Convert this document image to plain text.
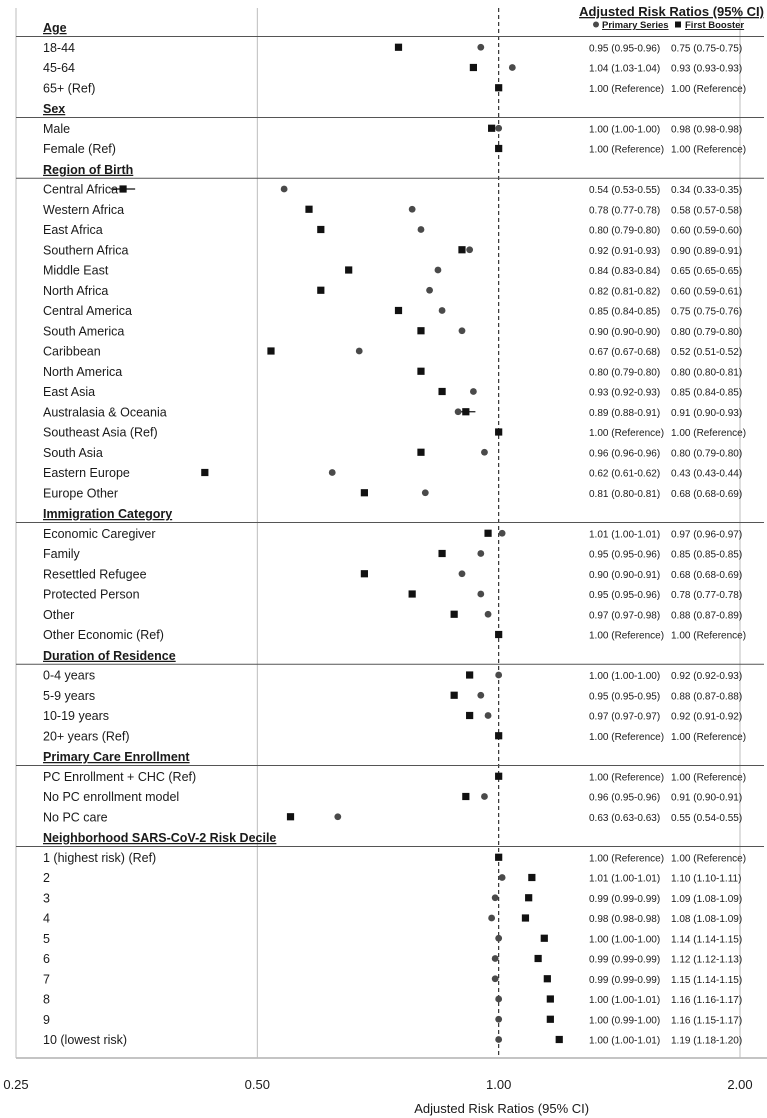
0.25	0.50	1.00	2.00
Adjusted Risk Ratios (95% CI)
Primary Series First Booster
Adjusted Risk Ratios (95% CI)
Age
18-44	0.95 (0.95-0.96) 0.75 (0.75-0.75)
45-64	1.04 (1.03-1.04) 0.93 (0.93-0.93)
65+ (Ref)	1.00 (Reference) 1.00 (Reference)
Sex
Male	1.00 (1.00-1.00) 0.98 (0.98-0.98)
Female (Ref)	1.00 (Reference) 1.00 (Reference)
Region of Birth
Central Africa	0.54 (0.53-0.55) 0.34 (0.33-0.35)
Western Africa	0.78 (0.77-0.78) 0.58 (0.57-0.58)
East Africa	0.80 (0.79-0.80) 0.60 (0.59-0.60)
Southern Africa	0.92 (0.91-0.93) 0.90 (0.89-0.91)
Middle East	0.84 (0.83-0.84) 0.65 (0.65-0.65)
North Africa	0.82 (0.81-0.82) 0.60 (0.59-0.61)
Central America	0.85 (0.84-0.85) 0.75 (0.75-0.76)
South America	0.90 (0.90-0.90) 0.80 (0.79-0.80)
Caribbean	0.67 (0.67-0.68) 0.52 (0.51-0.52)
North America	0.80 (0.79-0.80) 0.80 (0.80-0.81)
East Asia	0.93 (0.92-0.93) 0.85 (0.84-0.85)
Australasia & Oceania	0.89 (0.88-0.91) 0.91 (0.90-0.93)
Southeast Asia (Ref)	1.00 (Reference) 1.00 (Reference)
South Asia	0.96 (0.96-0.96) 0.80 (0.79-0.80)
Eastern Europe	0.62 (0.61-0.62) 0.43 (0.43-0.44)
Europe Other	0.81 (0.80-0.81) 0.68 (0.68-0.69)
Immigration Category
Economic Caregiver	1.01 (1.00-1.01) 0.97 (0.96-0.97)
Family	0.95 (0.95-0.96) 0.85 (0.85-0.85)
Resettled Refugee	0.90 (0.90-0.91) 0.68 (0.68-0.69)
Protected Person	0.95 (0.95-0.96) 0.78 (0.77-0.78)
Other	0.97 (0.97-0.98) 0.88 (0.87-0.89)
Other Economic (Ref)	1.00 (Reference) 1.00 (Reference)
Duration of Residence
0-4 years	1.00 (1.00-1.00) 0.92 (0.92-0.93)
5-9 years	0.95 (0.95-0.95) 0.88 (0.87-0.88)
10-19 years	0.97 (0.97-0.97) 0.92 (0.91-0.92)
20+ years (Ref)	1.00 (Reference) 1.00 (Reference)
Primary Care Enrollment
PC Enrollment + CHC (Ref)	1.00 (Reference) 1.00 (Reference)
No PC enrollment model	0.96 (0.95-0.96) 0.91 (0.90-0.91)
No PC care	0.63 (0.63-0.63) 0.55 (0.54-0.55)
Neighborhood SARS-CoV-2 Risk Decile
1 (highest risk) (Ref)	1.00 (Reference) 1.00 (Reference)
2	1.01 (1.00-1.01) 1.10 (1.10-1.11)
3	0.99 (0.99-0.99) 1.09 (1.08-1.09)
4	0.98 (0.98-0.98) 1.08 (1.08-1.09)
5	1.00 (1.00-1.00) 1.14 (1.14-1.15)
6	0.99 (0.99-0.99) 1.12 (1.12-1.13)
7	0.99 (0.99-0.99) 1.15 (1.14-1.15)
8	1.00 (1.00-1.01) 1.16 (1.16-1.17)
9	1.00 (0.99-1.00) 1.16 (1.15-1.17)
10 (lowest risk)	1.00 (1.00-1.01) 1.19 (1.18-1.20)
